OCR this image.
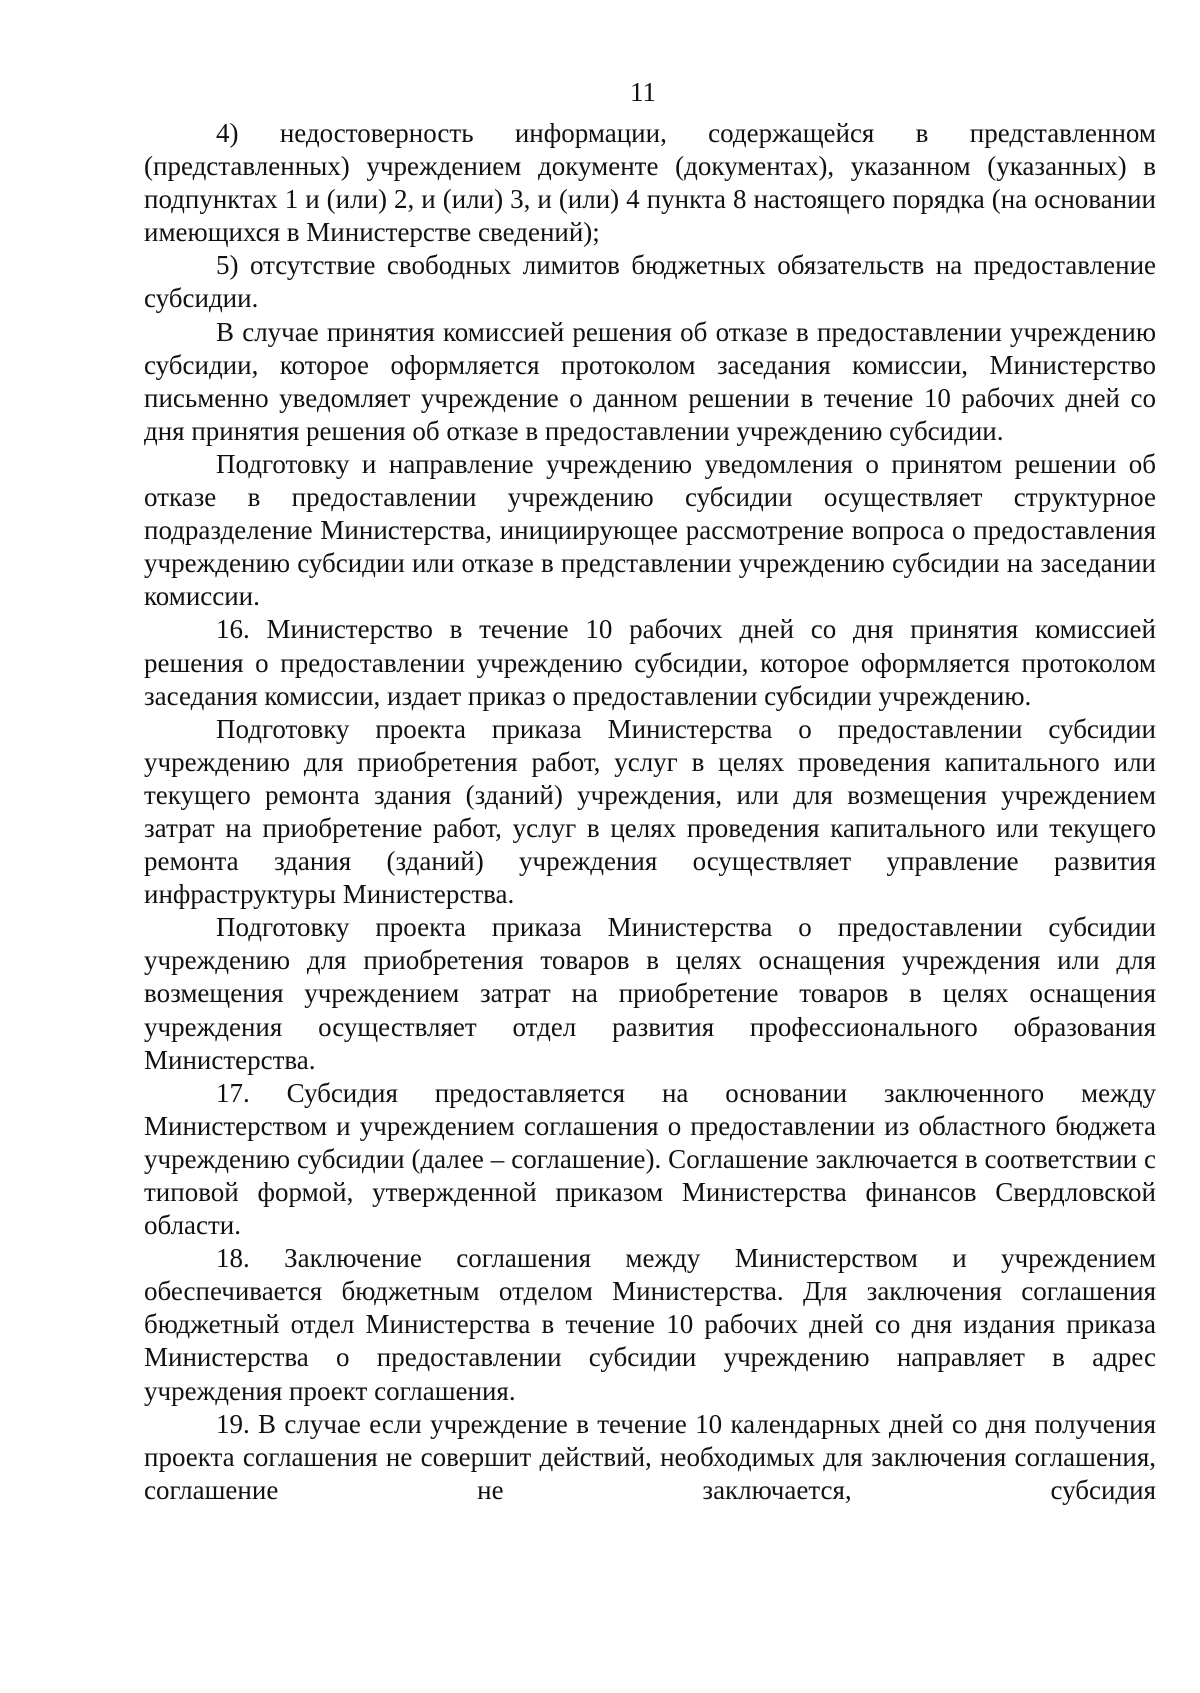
11

4) недостоверность информации, содержащейся в представленном (представленных) учреждением документе (документах), указанном (указанных) в подпунктах 1 и (или) 2, и (или) 3, и (или) 4 пункта 8 настоящего порядка (на основании имеющихся в Министерстве сведений);

5) отсутствие свободных лимитов бюджетных обязательств на предоставление субсидии.

В случае принятия комиссией решения об отказе в предоставлении учреждению субсидии, которое оформляется протоколом заседания комиссии, Министерство письменно уведомляет учреждение о данном решении в течение 10 рабочих дней со дня принятия решения об отказе в предоставлении учреждению субсидии.

Подготовку и направление учреждению уведомления о принятом решении об отказе в предоставлении учреждению субсидии осуществляет структурное подразделение Министерства, инициирующее рассмотрение вопроса о предоставления учреждению субсидии или отказе в представлении учреждению субсидии на заседании комиссии.

16. Министерство в течение 10 рабочих дней со дня принятия комиссией решения о предоставлении учреждению субсидии, которое оформляется протоколом заседания комиссии, издает приказ о предоставлении субсидии учреждению.

Подготовку проекта приказа Министерства о предоставлении субсидии учреждению для приобретения работ, услуг в целях проведения капитального или текущего ремонта здания (зданий) учреждения, или для возмещения учреждением затрат на приобретение работ, услуг в целях проведения капитального или текущего ремонта здания (зданий) учреждения осуществляет управление развития инфраструктуры Министерства.

Подготовку проекта приказа Министерства о предоставлении субсидии учреждению для приобретения товаров в целях оснащения учреждения или для возмещения учреждением затрат на приобретение товаров в целях оснащения учреждения осуществляет отдел развития профессионального образования Министерства.

17. Субсидия предоставляется на основании заключенного между Министерством и учреждением соглашения о предоставлении из областного бюджета учреждению субсидии (далее – соглашение). Соглашение заключается в соответствии с типовой формой, утвержденной приказом Министерства финансов Свердловской области.

18. Заключение соглашения между Министерством и учреждением обеспечивается бюджетным отделом Министерства. Для заключения соглашения бюджетный отдел Министерства в течение 10 рабочих дней со дня издания приказа Министерства о предоставлении субсидии учреждению направляет в адрес учреждения проект соглашения.

19. В случае если учреждение в течение 10 календарных дней со дня получения проекта соглашения не совершит действий, необходимых для заключения соглашения, соглашение не заключается, субсидия
